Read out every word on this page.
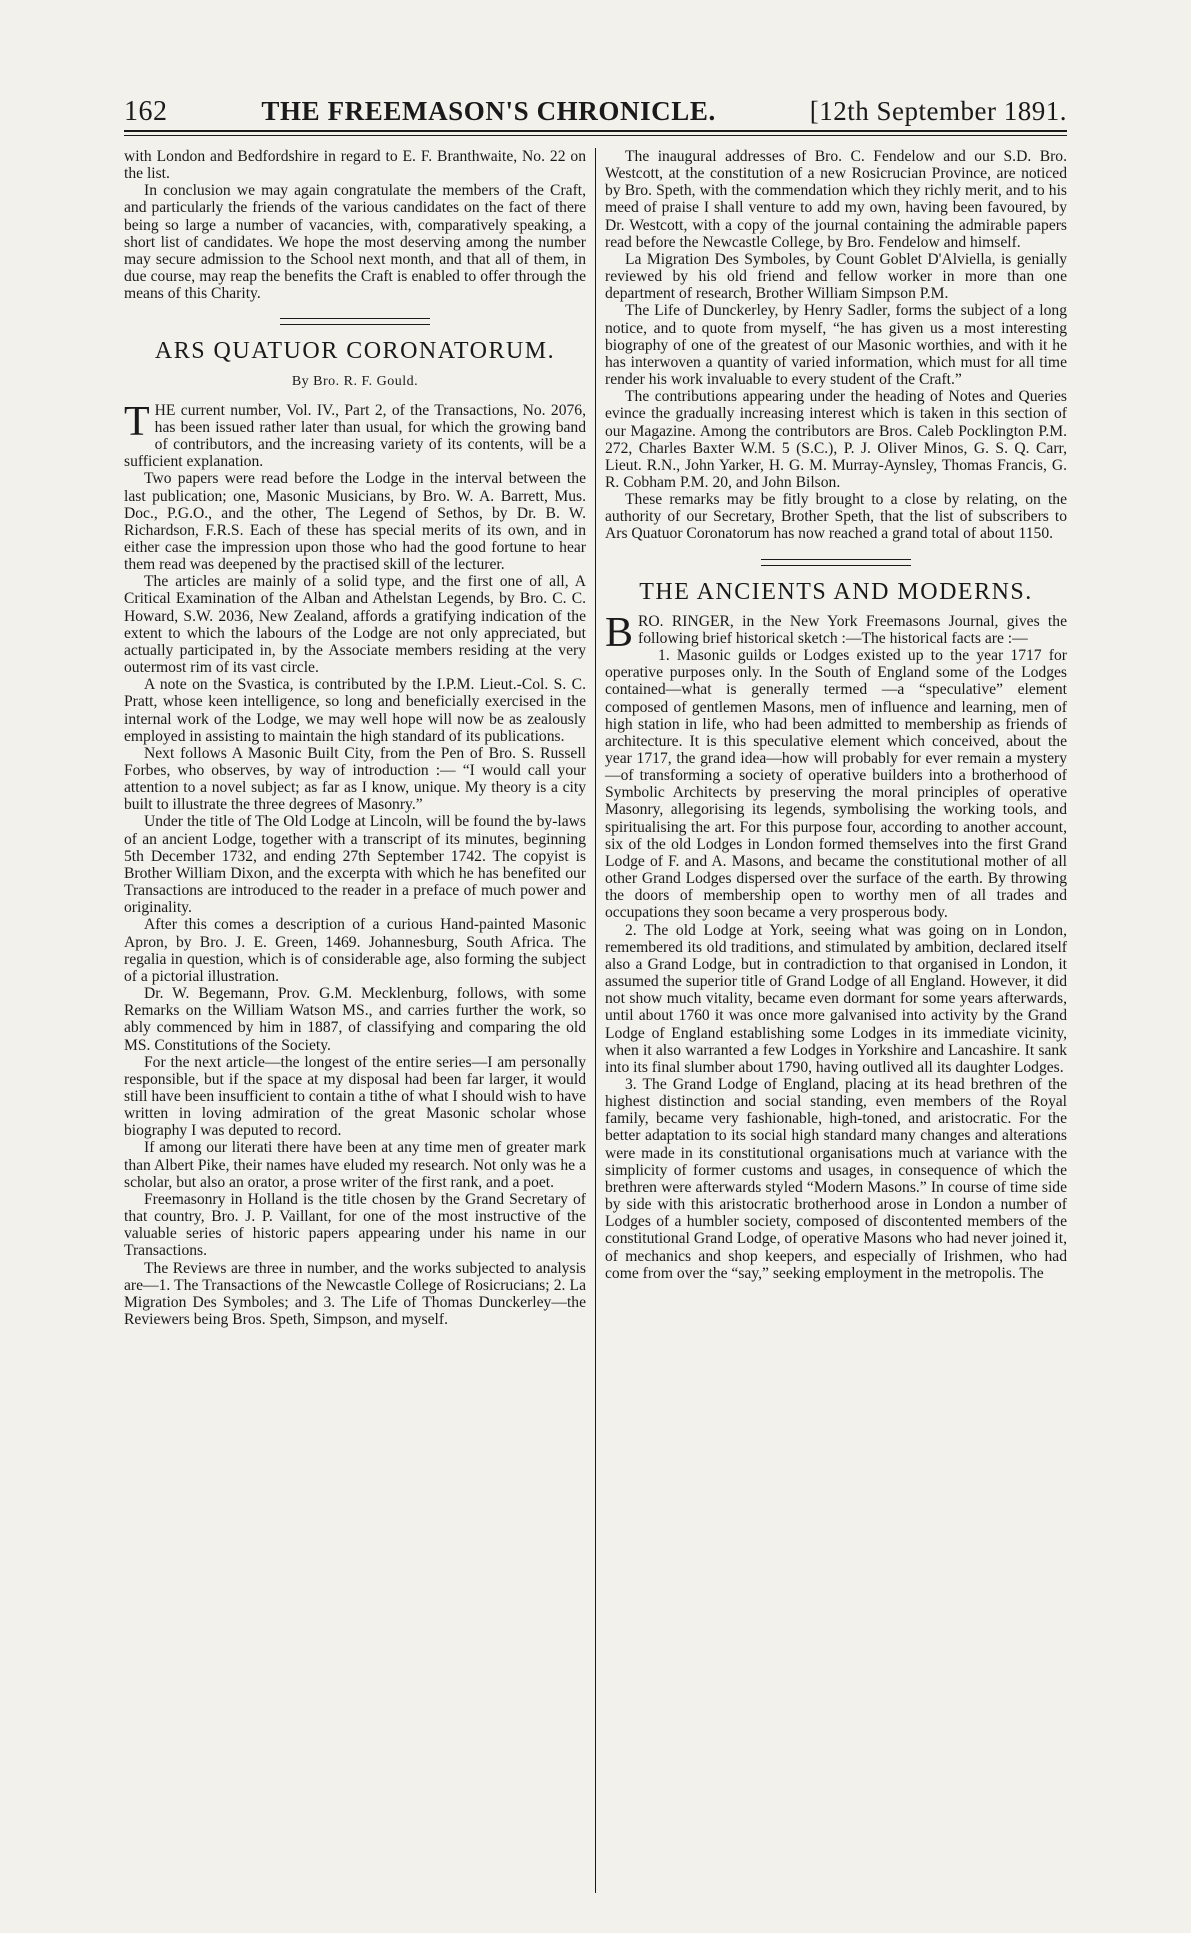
162	THE FREEMASON'S CHRONICLE.	[12th September 1891.

with London and Bedfordshire in regard to E. F. Branthwaite, No. 22 on the list.

In conclusion we may again congratulate the members of the Craft, and particularly the friends of the various candidates on the fact of there being so large a number of vacancies, with, comparatively speaking, a short list of candidates. We hope the most deserving among the number may secure admission to the School next month, and that all of them, in due course, may reap the benefits the Craft is enabled to offer through the means of this Charity.

ARS QUATUOR CORONATORUM.
By Bro. R. F. Gould.

THE current number, Vol. IV., Part 2, of the Transactions, No. 2076, has been issued rather later than usual, for which the growing band of contributors, and the increasing variety of its contents, will be a sufficient explanation.

Two papers were read before the Lodge in the interval between the last publication; one, Masonic Musicians, by Bro. W. A. Barrett, Mus. Doc., P.G.O., and the other, The Legend of Sethos, by Dr. B. W. Richardson, F.R.S. Each of these has special merits of its own, and in either case the impression upon those who had the good fortune to hear them read was deepened by the practised skill of the lecturer.

The articles are mainly of a solid type, and the first one of all, A Critical Examination of the Alban and Athelstan Legends, by Bro. C. C. Howard, S.W. 2036, New Zealand, affords a gratifying indication of the extent to which the labours of the Lodge are not only appreciated, but actually participated in, by the Associate members residing at the very outermost rim of its vast circle.

A note on the Svastica, is contributed by the I.P.M. Lieut.-Col. S. C. Pratt, whose keen intelligence, so long and beneficially exercised in the internal work of the Lodge, we may well hope will now be as zealously employed in assisting to maintain the high standard of its publications.

Next follows A Masonic Built City, from the Pen of Bro. S. Russell Forbes, who observes, by way of introduction :— “I would call your attention to a novel subject; as far as I know, unique. My theory is a city built to illustrate the three degrees of Masonry.”

Under the title of The Old Lodge at Lincoln, will be found the by-laws of an ancient Lodge, together with a transcript of its minutes, beginning 5th December 1732, and ending 27th September 1742. The copyist is Brother William Dixon, and the excerpta with which he has benefited our Transactions are introduced to the reader in a preface of much power and originality.

After this comes a description of a curious Hand-painted Masonic Apron, by Bro. J. E. Green, 1469. Johannesburg, South Africa. The regalia in question, which is of considerable age, also forming the subject of a pictorial illustration.

Dr. W. Begemann, Prov. G.M. Mecklenburg, follows, with some Remarks on the William Watson MS., and carries further the work, so ably commenced by him in 1887, of classifying and comparing the old MS. Constitutions of the Society.

For the next article—the longest of the entire series—I am personally responsible, but if the space at my disposal had been far larger, it would still have been insufficient to contain a tithe of what I should wish to have written in loving admiration of the great Masonic scholar whose biography I was deputed to record.

If among our literati there have been at any time men of greater mark than Albert Pike, their names have eluded my research. Not only was he a scholar, but also an orator, a prose writer of the first rank, and a poet.

Freemasonry in Holland is the title chosen by the Grand Secretary of that country, Bro. J. P. Vaillant, for one of the most instructive of the valuable series of historic papers appearing under his name in our Transactions.

The Reviews are three in number, and the works subjected to analysis are—1. The Transactions of the Newcastle College of Rosicrucians; 2. La Migration Des Symboles; and 3. The Life of Thomas Dunckerley—the Reviewers being Bros. Speth, Simpson, and myself.

The inaugural addresses of Bro. C. Fendelow and our S.D. Bro. Westcott, at the constitution of a new Rosicrucian Province, are noticed by Bro. Speth, with the commendation which they richly merit, and to his meed of praise I shall venture to add my own, having been favoured, by Dr. Westcott, with a copy of the journal containing the admirable papers read before the Newcastle College, by Bro. Fendelow and himself.

La Migration Des Symboles, by Count Goblet D'Alviella, is genially reviewed by his old friend and fellow worker in more than one department of research, Brother William Simpson P.M.

The Life of Dunckerley, by Henry Sadler, forms the subject of a long notice, and to quote from myself, “he has given us a most interesting biography of one of the greatest of our Masonic worthies, and with it he has interwoven a quantity of varied information, which must for all time render his work invaluable to every student of the Craft.”

The contributions appearing under the heading of Notes and Queries evince the gradually increasing interest which is taken in this section of our Magazine. Among the contributors are Bros. Caleb Pocklington P.M. 272, Charles Baxter W.M. 5 (S.C.), P. J. Oliver Minos, G. S. Q. Carr, Lieut. R.N., John Yarker, H. G. M. Murray-Aynsley, Thomas Francis, G. R. Cobham P.M. 20, and John Bilson.

These remarks may be fitly brought to a close by relating, on the authority of our Secretary, Brother Speth, that the list of subscribers to Ars Quatuor Coronatorum has now reached a grand total of about 1150.

THE ANCIENTS AND MODERNS.

BRO. RINGER, in the New York Freemasons Journal, gives the following brief historical sketch :—The historical facts are :—

1. Masonic guilds or Lodges existed up to the year 1717 for operative purposes only. In the South of England some of the Lodges contained—what is generally termed —a “speculative” element composed of gentlemen Masons, men of influence and learning, men of high station in life, who had been admitted to membership as friends of architecture. It is this speculative element which conceived, about the year 1717, the grand idea—how will probably for ever remain a mystery—of transforming a society of operative builders into a brotherhood of Symbolic Architects by preserving the moral principles of operative Masonry, allegorising its legends, symbolising the working tools, and spiritualising the art. For this purpose four, according to another account, six of the old Lodges in London formed themselves into the first Grand Lodge of F. and A. Masons, and became the constitutional mother of all other Grand Lodges dispersed over the surface of the earth. By throwing the doors of membership open to worthy men of all trades and occupations they soon became a very prosperous body.

2. The old Lodge at York, seeing what was going on in London, remembered its old traditions, and stimulated by ambition, declared itself also a Grand Lodge, but in contradiction to that organised in London, it assumed the superior title of Grand Lodge of all England. However, it did not show much vitality, became even dormant for some years afterwards, until about 1760 it was once more galvanised into activity by the Grand Lodge of England establishing some Lodges in its immediate vicinity, when it also warranted a few Lodges in Yorkshire and Lancashire. It sank into its final slumber about 1790, having outlived all its daughter Lodges.

3. The Grand Lodge of England, placing at its head brethren of the highest distinction and social standing, even members of the Royal family, became very fashionable, high-toned, and aristocratic. For the better adaptation to its social high standard many changes and alterations were made in its constitutional organisations much at variance with the simplicity of former customs and usages, in consequence of which the brethren were afterwards styled “Modern Masons.” In course of time side by side with this aristocratic brotherhood arose in London a number of Lodges of a humbler society, composed of discontented members of the constitutional Grand Lodge, of operative Masons who had never joined it, of mechanics and shop keepers, and especially of Irishmen, who had come from over the “say,” seeking employment in the metropolis. The
